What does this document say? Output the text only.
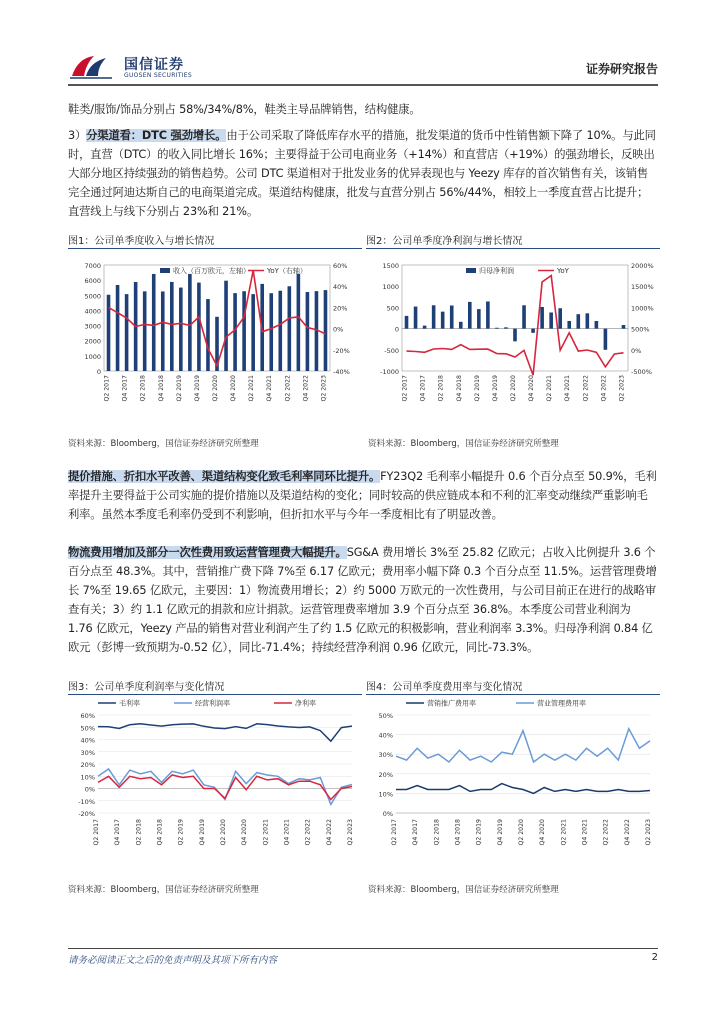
国信证券
GUOSEN SECURITIES	证券研究报告
鞋类/服饰/饰品分别占 58%/34%/8%，鞋类主导品牌销售，结构健康。
3）分渠道看：DTC 强劲增长。由于公司采取了降低库存水平的措施，批发渠道的货币中性销售额下降了 10%。与此同时，直营（DTC）的收入同比增长 16%；主要得益于公司电商业务（+14%）和直营店（+19%）的强劲增长，反映出大部分地区持续强劲的销售趋势。公司 DTC 渠道相对于批发业务的优异表现也与 Yeezy 库存的首次销售有关，该销售完全通过阿迪达斯自己的电商渠道完成。渠道结构健康，批发与直营分别占 56%/44%，相较上一季度直营占比提升；直营线上与线下分别占 23%和 21%。
图1：公司单季度收入与增长情况
7000
6000
5000
4000
3000
2000
1000
0
60%
40%
20%
0%
-20%
-40%
Q2 2017 Q4 2017 Q2 2018 Q4 2018 Q2 2019 Q4 2019 Q2 2020 Q4 2020 Q2 2021 Q4 2021 Q2 2022 Q4 2022 Q2 2023
收入（百万欧元，左轴） YoY（右轴）
资料来源：Bloomberg，国信证券经济研究所整理
图2：公司单季度净利润与增长情况
1500
1000
500
0
-500
-1000
2000%
1500%
1000%
500%
0%
-500%
Q2 2017 Q4 2017 Q2 2018 Q4 2018 Q2 2019 Q4 2019 Q2 2020 Q4 2020 Q2 2021 Q4 2021 Q2 2022 Q4 2022 Q2 2023
归母净利润	YoY
资料来源：Bloomberg，国信证券经济研究所整理
提价措施、折扣水平改善、渠道结构变化致毛利率同环比提升。FY23Q2 毛利率小幅提升 0.6 个百分点至 50.9%，毛利率提升主要得益于公司实施的提价措施以及渠道结构的变化；同时较高的供应链成本和不利的汇率变动继续严重影响毛利率。虽然本季度毛利率仍受到不利影响，但折扣水平与今年一季度相比有了明显改善。
物流费用增加及部分一次性费用致运营管理费大幅提升。SG&A 费用增长 3%至 25.82 亿欧元；占收入比例提升 3.6 个百分点至 48.3%。其中，营销推广费下降 7%至 6.17 亿欧元；费用率小幅下降 0.3 个百分点至 11.5%。运营管理费增长 7%至 19.65 亿欧元，主要因：1）物流费用增长；2）约 5000 万欧元的一次性费用，与公司目前正在进行的战略审查有关；3）约 1.1 亿欧元的捐款和应计捐款。运营管理费率增加 3.9 个百分点至 36.8%。本季度公司营业利润为 1.76 亿欧元，Yeezy 产品的销售对营业利润产生了约 1.5 亿欧元的积极影响，营业利润率 3.3%。归母净利润 0.84 亿欧元（彭博一致预期为-0.52 亿），同比-71.4%；持续经营净利润 0.96 亿欧元，同比-73.3%。
图3：公司单季度利润率与变化情况
60%
50%
40%
30%
20%
10%
0%
-10%
-20%
Q2 2017 Q4 2017 Q2 2018 Q4 2018 Q2 2019 Q4 2019 Q2 2020 Q4 2020 Q2 2021 Q4 2021 Q2 2022 Q4 2022 Q2 2023
毛利率	经营利润率	净利率
资料来源：Bloomberg，国信证券经济研究所整理
图4：公司单季度费用率与变化情况
50%
40%
30%
20%
10%
0%
Q2 2017 Q4 2017 Q2 2018 Q4 2018 Q2 2019 Q4 2019 Q2 2020 Q4 2020 Q2 2021 Q4 2021 Q2 2022 Q4 2022 Q2 2023
营销推广费用率	营业管理费用率
资料来源：Bloomberg，国信证券经济研究所整理
请务必阅读正文之后的免责声明及其项下所有内容	2
